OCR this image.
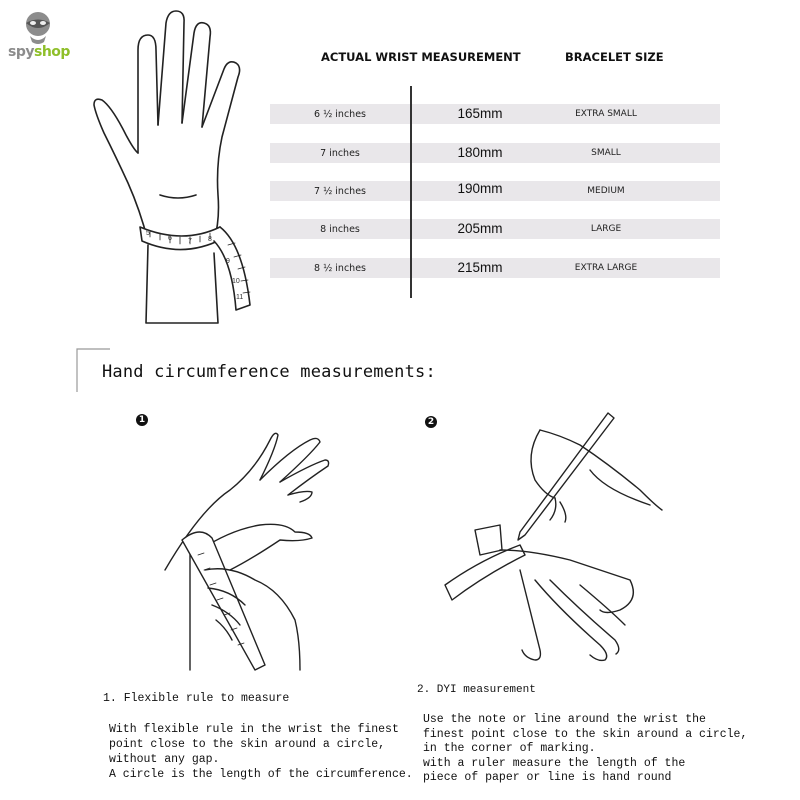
spyshop
5
6 7 8
9
10
11
ACTUAL WRIST MEASUREMENT	BRACELET SIZE
6 ½ inches	165mm	EXTRA SMALL
7 inches	180mm	SMALL
7 ½ inches	190mm	MEDIUM
8 inches	205mm	LARGE
8 ½ inches	215mm	EXTRA LARGE
Hand circumference measurements:
1	2
1. Flexible rule to measure
With flexible rule in the wrist the finest
point close to the skin around a circle,
without any gap.
A circle is the length of the circumference.
2. DYI measurement
Use the note or line around the wrist the
finest point close to the skin around a circle,
in the corner of marking.
with a ruler measure the length of the
piece of paper or line is hand round
